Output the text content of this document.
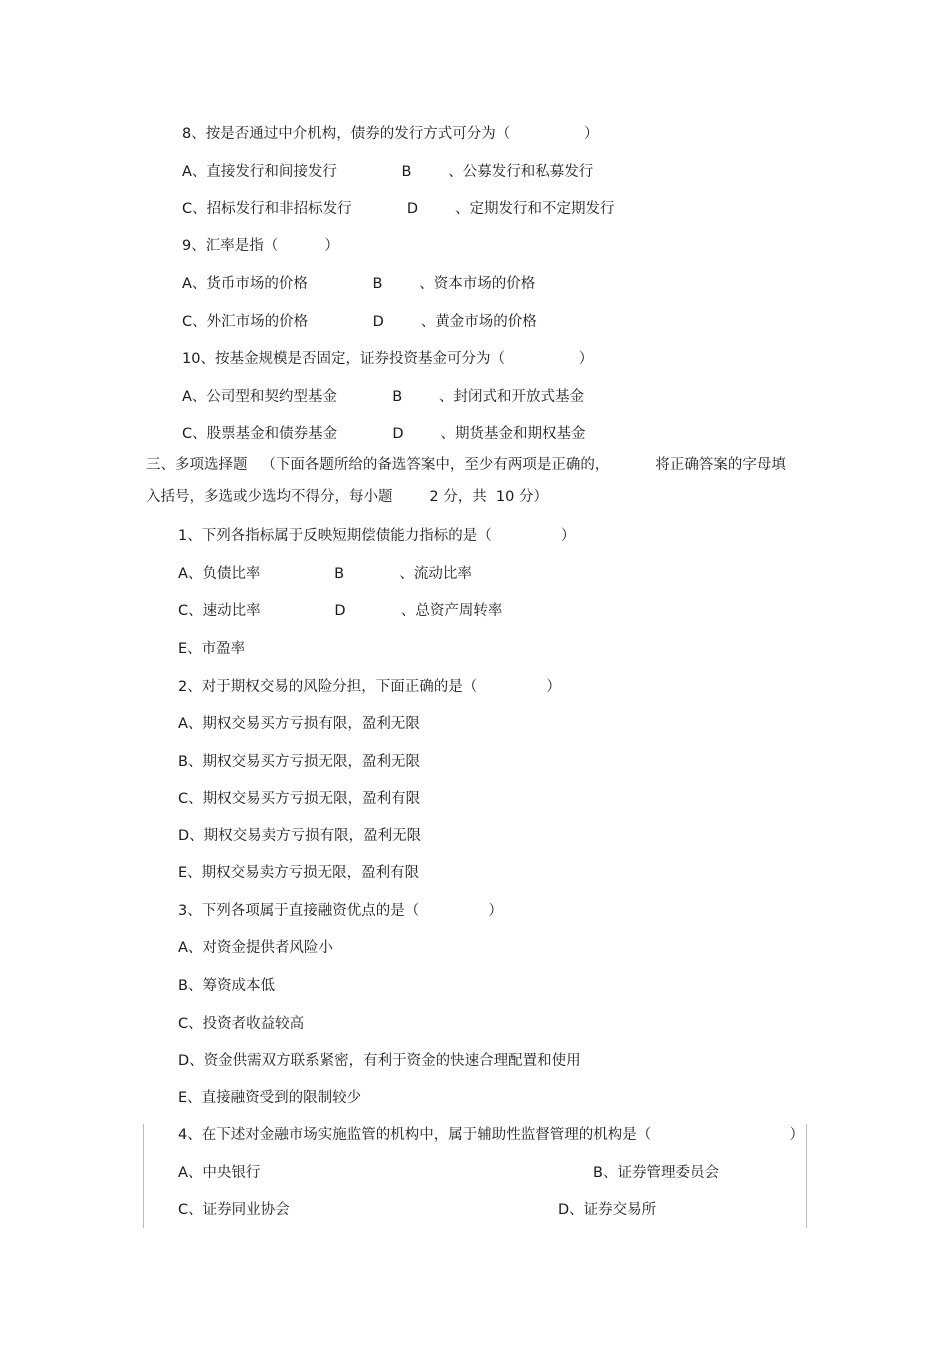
8、按是否通过中介机构，债券的发行方式可分为（                ）
A、直接发行和间接发行              B        、公募发行和私募发行
C、招标发行和非招标发行            D        、定期发行和不定期发行
9、汇率是指（          ）
A、货币市场的价格              B        、资本市场的价格
C、外汇市场的价格              D        、黄金市场的价格
10、按基金规模是否固定，证券投资基金可分为（                ）
A、公司型和契约型基金            B        、封闭式和开放式基金
C、股票基金和债券基金            D        、期货基金和期权基金
三、多项选择题   （下面各题所给的备选答案中，至少有两项是正确的，          将正确答案的字母填
入括号，多选或少选均不得分，每小题        2 分，共  10 分）
1、下列各指标属于反映短期偿债能力指标的是（               ）
A、负债比率                B            、流动比率
C、速动比率                D            、总资产周转率
E、市盈率
2、对于期权交易的风险分担，下面正确的是（               ）
A、期权交易买方亏损有限，盈利无限
B、期权交易买方亏损无限，盈利无限
C、期权交易买方亏损无限，盈利有限
D、期权交易卖方亏损有限，盈利无限
E、期权交易卖方亏损无限，盈利有限
3、下列各项属于直接融资优点的是（               ）
A、对资金提供者风险小
B、筹资成本低
C、投资者收益较高
D、资金供需双方联系紧密，有利于资金的快速合理配置和使用
E、直接融资受到的限制较少
4、在下述对金融市场实施监管的机构中，属于辅助性监督管理的机构是（                              ）
A、中央银行	B、证券管理委员会
C、证券同业协会	D、证券交易所
